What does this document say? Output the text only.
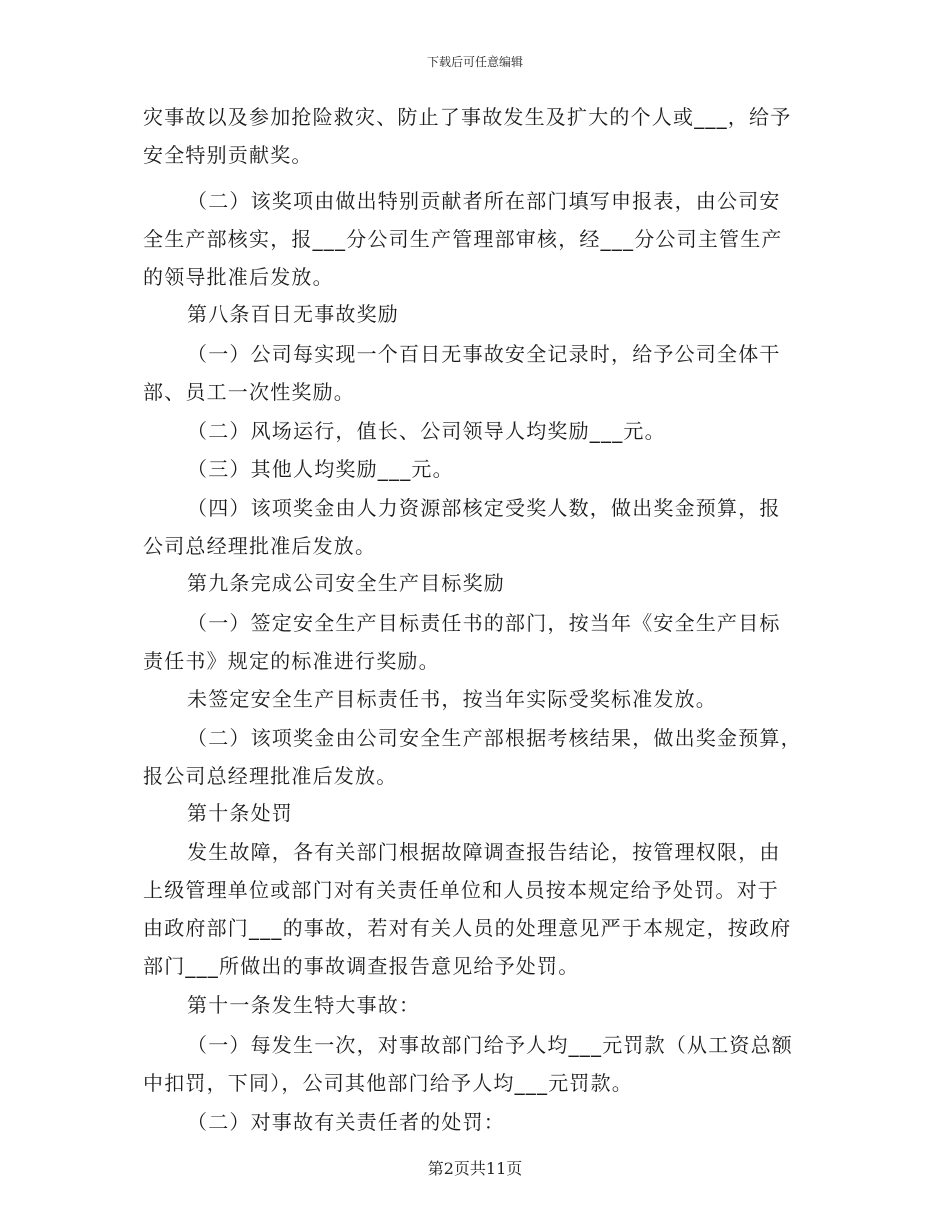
下载后可任意编辑
灾事故以及参加抢险救灾、防止了事故发生及扩大的个人或___，给予
安全特别贡献奖。
（二）该奖项由做出特别贡献者所在部门填写申报表，由公司安
全生产部核实，报___分公司生产管理部审核，经___分公司主管生产
的领导批准后发放。
第八条百日无事故奖励
（一）公司每实现一个百日无事故安全记录时，给予公司全体干
部、员工一次性奖励。
（二）风场运行，值长、公司领导人均奖励___元。
（三）其他人均奖励___元。
（四）该项奖金由人力资源部核定受奖人数，做出奖金预算，报
公司总经理批准后发放。
第九条完成公司安全生产目标奖励
（一）签定安全生产目标责任书的部门，按当年《安全生产目标
责任书》规定的标准进行奖励。
未签定安全生产目标责任书，按当年实际受奖标准发放。
（二）该项奖金由公司安全生产部根据考核结果，做出奖金预算，
报公司总经理批准后发放。
第十条处罚
发生故障，各有关部门根据故障调查报告结论，按管理权限，由
上级管理单位或部门对有关责任单位和人员按本规定给予处罚。对于
由政府部门___的事故，若对有关人员的处理意见严于本规定，按政府
部门___所做出的事故调查报告意见给予处罚。
第十一条发生特大事故：
（一）每发生一次，对事故部门给予人均___元罚款（从工资总额
中扣罚，下同），公司其他部门给予人均___元罚款。
（二）对事故有关责任者的处罚：
第2页共11页
